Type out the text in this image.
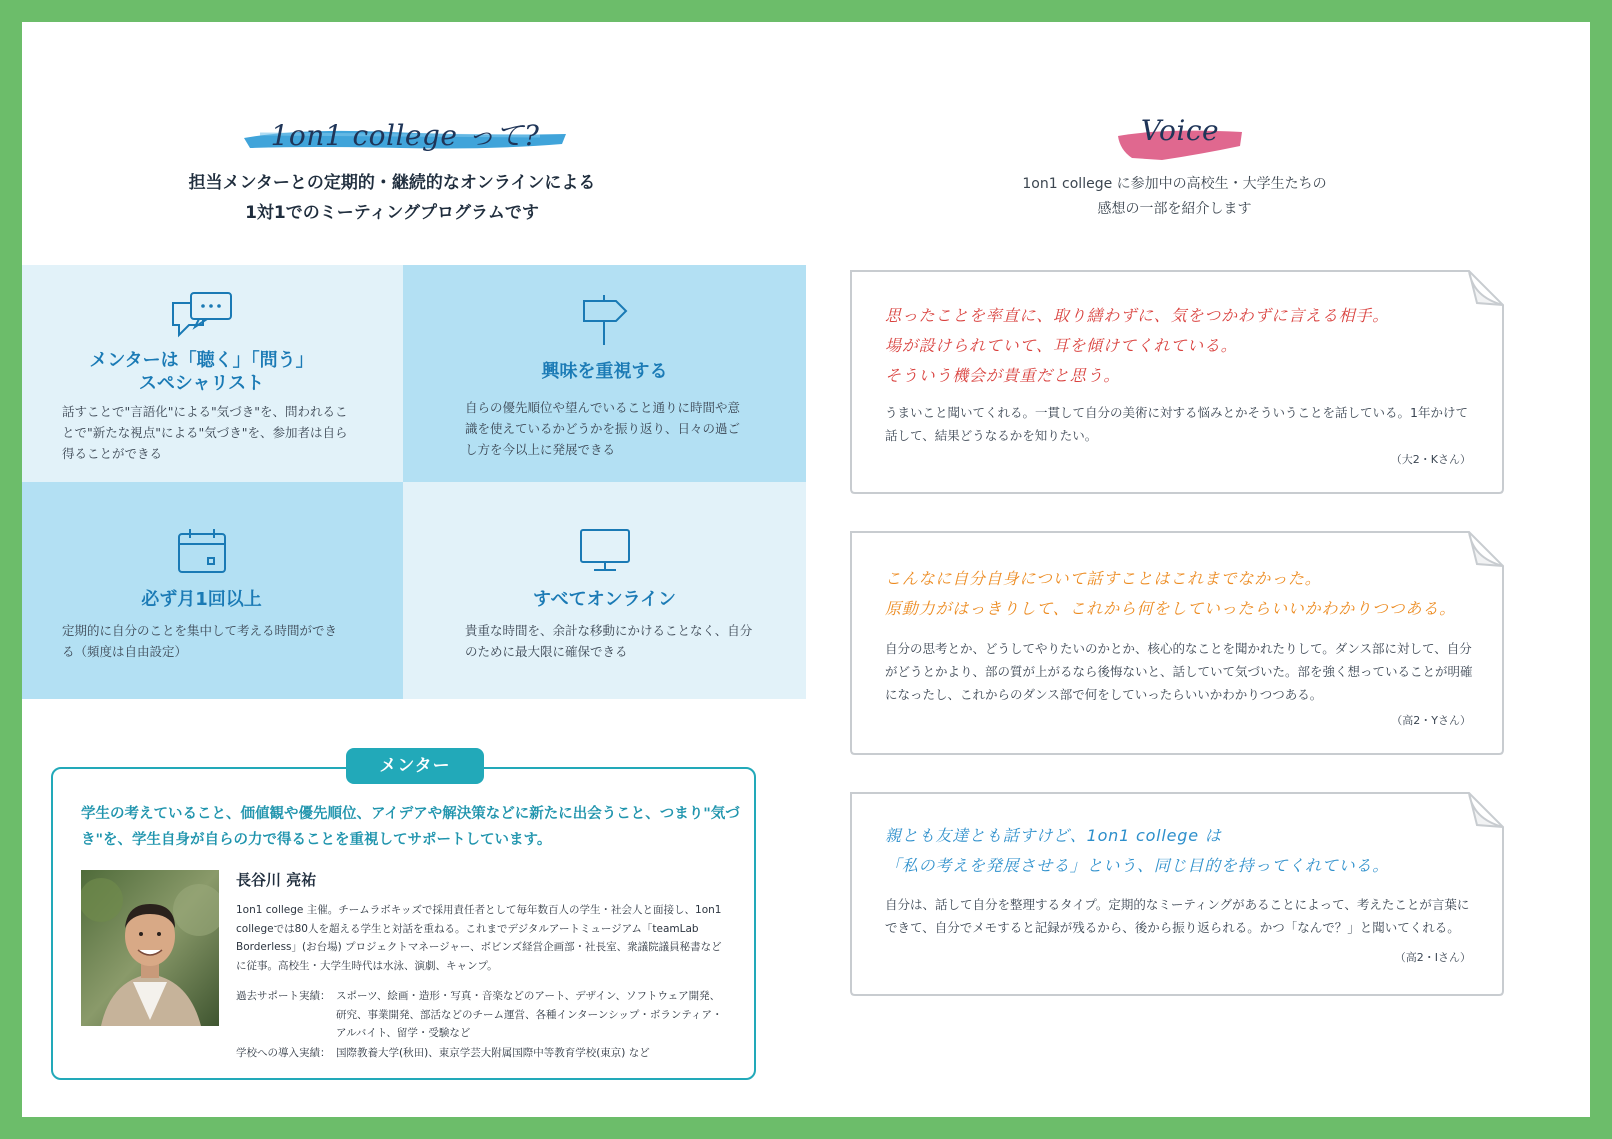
1on1 college って?
担当メンターとの定期的・継続的なオンラインによる
1対1でのミーティングプログラムです
Voice
1on1 college に参加中の高校生・大学生たちの
感想の一部を紹介します
メンターは「聴く」「問う」
スペシャリスト
話すことで"言語化"による"気づき"を、問われることで"新たな視点"による"気づき"を、参加者は自ら得ることができる
興味を重視する
自らの優先順位や望んでいること通りに時間や意識を使えているかどうかを振り返り、日々の過ごし方を今以上に発展できる
必ず月1回以上
定期的に自分のことを集中して考える時間ができる（頻度は自由設定）
すべてオンライン
貴重な時間を、余計な移動にかけることなく、自分のために最大限に確保できる
学生の考えていること、価値観や優先順位、アイデアや解決策などに新たに出会うこと、つまり"気づき"を、学生自身が自らの力で得ることを重視してサポートしています。
長谷川 亮祐
1on1 college 主催。チームラボキッズで採用責任者として毎年数百人の学生・社会人と面接し、1on1 collegeでは80人を超える学生と対話を重ねる。これまでデジタルアートミュージアム「teamLab Borderless」(お台場) プロジェクトマネージャー、ボビンズ経営企画部・社長室、衆議院議員秘書などに従事。高校生・大学生時代は水泳、演劇、キャンプ。
過去サポート実績： スポーツ、絵画・造形・写真・音楽などのアート、デザイン、ソフトウェア開発、研究、事業開発、部活などのチーム運営、各種インターンシップ・ボランティア・アルバイト、留学・受験など
学校への導入実績： 国際教養大学(秋田)、東京学芸大附属国際中等教育学校(東京) など
メンター
思ったことを率直に、取り繕わずに、気をつかわずに言える相手。
場が設けられていて、耳を傾けてくれている。
そういう機会が貴重だと思う。
うまいこと聞いてくれる。一貫して自分の美術に対する悩みとかそういうことを話している。1年かけて話して、結果どうなるかを知りたい。
（大2・Kさん）
こんなに自分自身について話すことはこれまでなかった。
原動力がはっきりして、これから何をしていったらいいかわかりつつある。
自分の思考とか、どうしてやりたいのかとか、核心的なことを聞かれたりして。ダンス部に対して、自分がどうとかより、部の質が上がるなら後悔ないと、話していて気づいた。部を強く想っていることが明確になったし、これからのダンス部で何をしていったらいいかわかりつつある。
（高2・Yさん）
親とも友達とも話すけど、1on1 college は
「私の考えを発展させる」という、同じ目的を持ってくれている。
自分は、話して自分を整理するタイプ。定期的なミーティングがあることによって、考えたことが言葉にできて、自分でメモすると記録が残るから、後から振り返られる。かつ「なんで？」と聞いてくれる。
（高2・Iさん）
